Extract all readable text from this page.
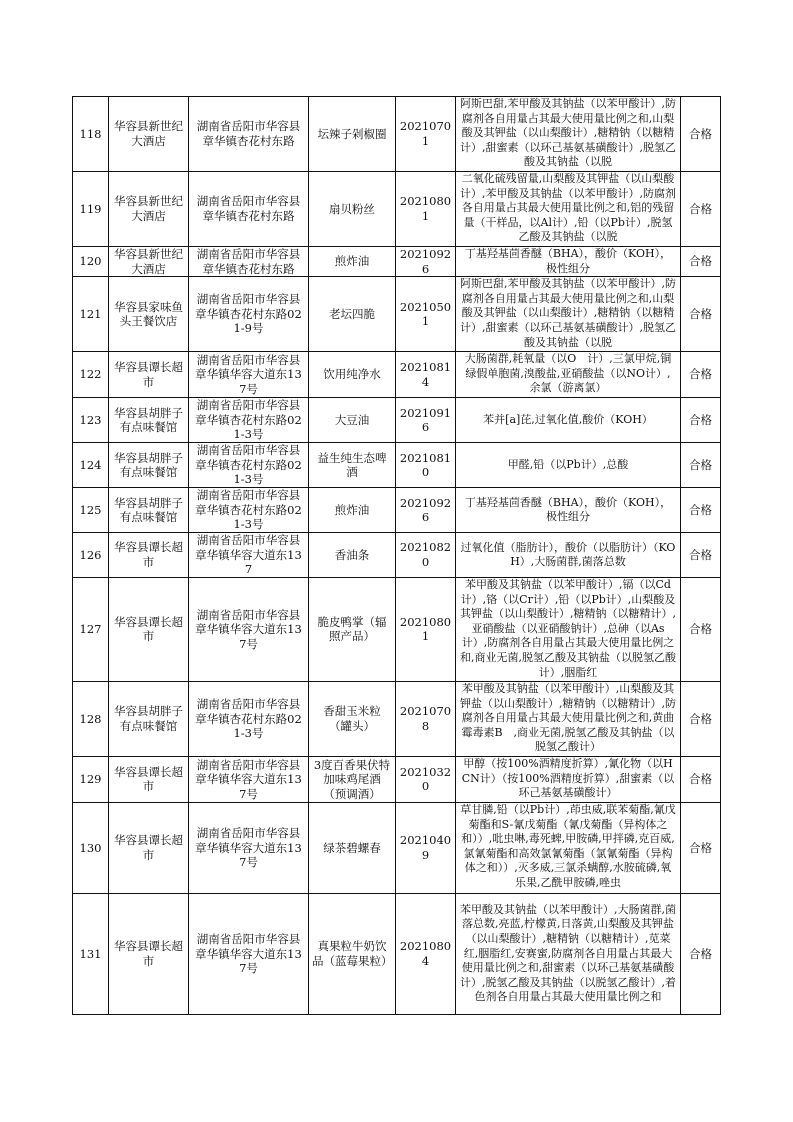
118	华容县新世纪大酒店	湖南省岳阳市华容县章华镇杏花村东路	坛辣子剁椒圈	20210701	阿斯巴甜,苯甲酸及其钠盐（以苯甲酸计）,防腐剂各自用量占其最大使用量比例之和,山梨酸及其钾盐（以山梨酸计）,糖精钠（以糖精计）,甜蜜素（以环己基氨基磺酸计）,脱氢乙酸及其钠盐（以脱	合格
119	华容县新世纪大酒店	湖南省岳阳市华容县章华镇杏花村东路	扇贝粉丝	20210801	二氧化硫残留量,山梨酸及其钾盐（以山梨酸计）,苯甲酸及其钠盐（以苯甲酸计）,防腐剂各自用量占其最大使用量比例之和,铝的残留量（干样品，以Al计）,铅（以Pb计）,脱氢乙酸及其钠盐（以脱	合格
120	华容县新世纪大酒店	湖南省岳阳市华容县章华镇杏花村东路	煎炸油	20210926	丁基羟基茴香醚（BHA），酸价（KOH），极性组分	合格
121	华容县家味鱼头王餐饮店	湖南省岳阳市华容县章华镇杏花村东路021-9号	老坛四脆	20210501	阿斯巴甜,苯甲酸及其钠盐（以苯甲酸计）,防腐剂各自用量占其最大使用量比例之和,山梨酸及其钾盐（以山梨酸计）,糖精钠（以糖精计）,甜蜜素（以环己基氨基磺酸计）,脱氢乙酸及其钠盐（以脱	合格
122	华容县谭长超市	湖南省岳阳市华容县章华镇华容大道东137号	饮用纯净水	20210814	大肠菌群,耗氧量（以O　计）,三氯甲烷,铜绿假单胞菌,溴酸盐,亚硝酸盐（以NO计）,余氯（游离氯）	合格
123	华容县胡胖子有点味餐馆	湖南省岳阳市华容县章华镇杏花村东路021-3号	大豆油	20210916	苯并[a]芘,过氧化值,酸价（KOH）	合格
124	华容县胡胖子有点味餐馆	湖南省岳阳市华容县章华镇杏花村东路021-3号	益生纯生态啤酒	20210810	甲醛,铅（以Pb计）,总酸	合格
125	华容县胡胖子有点味餐馆	湖南省岳阳市华容县章华镇杏花村东路021-3号	煎炸油	20210926	丁基羟基茴香醚（BHA），酸价（KOH），极性组分	合格
126	华容县谭长超市	湖南省岳阳市华容县章华镇华容大道东137	香油条	20210820	过氧化值（脂肪计），酸价（以脂肪计）（KOH）,大肠菌群,菌落总数	合格
127	华容县谭长超市	湖南省岳阳市华容县章华镇华容大道东137号	脆皮鸭掌（辐照产品）	20210801	苯甲酸及其钠盐（以苯甲酸计）,镉（以Cd计）,铬（以Cr计）,铅（以Pb计）,山梨酸及其钾盐（以山梨酸计）,糖精钠（以糖精计）,亚硝酸盐（以亚硝酸钠计）,总砷（以As计）,防腐剂各自用量占其最大使用量比例之和,商业无菌,脱氢乙酸及其钠盐（以脱氢乙酸计）,胭脂红	合格
128	华容县胡胖子有点味餐馆	湖南省岳阳市华容县章华镇杏花村东路021-3号	香甜玉米粒（罐头）	20210708	苯甲酸及其钠盐（以苯甲酸计）,山梨酸及其钾盐（以山梨酸计）,糖精钠（以糖精计）,防腐剂各自用量占其最大使用量比例之和,黄曲霉毒素B　,商业无菌,脱氢乙酸及其钠盐（以脱氢乙酸计）	合格
129	华容县谭长超市	湖南省岳阳市华容县章华镇华容大道东137号	3度百香果伏特加味鸡尾酒（预调酒）	20210320	甲醇（按100%酒精度折算）,氰化物（以HCN计）（按100%酒精度折算）,甜蜜素（以环己基氨基磺酸计）	合格
130	华容县谭长超市	湖南省岳阳市华容县章华镇华容大道东137号	绿茶碧螺春	20210409	草甘膦,铅（以Pb计）,茚虫威,联苯菊酯,氰戊菊酯和S-氰戊菊酯（氰戊菊酯（异构体之和））,吡虫啉,毒死蜱,甲胺磷,甲拌磷,克百威,氯氰菊酯和高效氯氰菊酯（氯氰菊酯（异构体之和））,灭多威,三氯杀螨醇,水胺硫磷,氧乐果,乙酰甲胺磷,唑虫	合格
131	华容县谭长超市	湖南省岳阳市华容县章华镇华容大道东137号	真果粒牛奶饮品（蓝莓果粒）	20210804	苯甲酸及其钠盐（以苯甲酸计）,大肠菌群,菌落总数,亮蓝,柠檬黄,日落黄,山梨酸及其钾盐（以山梨酸计）,糖精钠（以糖精计）,苋菜红,胭脂红,安赛蜜,防腐剂各自用量占其最大使用量比例之和,甜蜜素（以环己基氨基磺酸计）,脱氢乙酸及其钠盐（以脱氢乙酸计）,着色剂各自用量占其最大使用量比例之和	合格
